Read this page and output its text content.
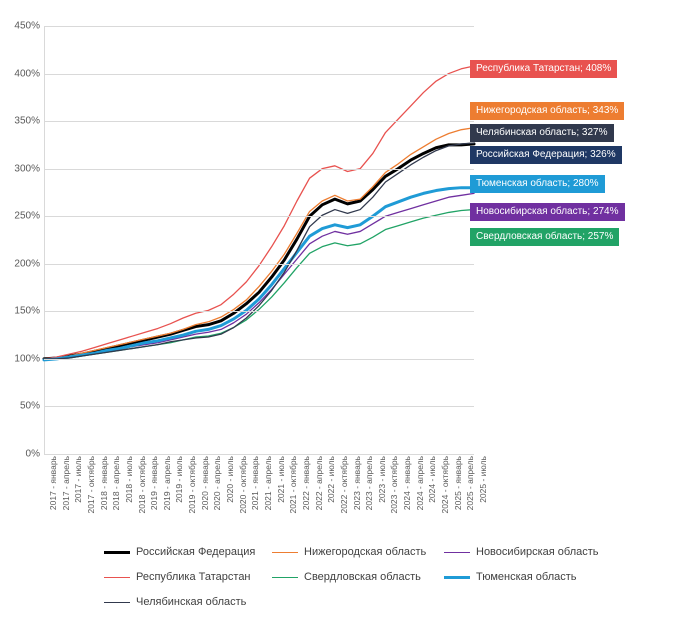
0%
50%
100%
150%
200%
250%
300%
350%
400%
450%
2017 - январь 2017 - апрель 2017 - июль 2017 - октябрь 2018 - январь 2018 - апрель 2018 - июль 2018 - октябрь 2019 - январь 2019 - апрель 2019 - июль 2019 - октябрь 2020 - январь 2020 - апрель 2020 - июль 2020 - октябрь 2021 - январь 2021 - апрель 2021 - июль 2021 - октябрь 2022 - январь 2022 - апрель 2022 - июль 2022 - октябрь 2023 - январь 2023 - апрель 2023 - июль 2023 - октябрь 2024 - январь 2024 - апрель 2024 - июль 2024 - октябрь 2025 - январь 2025 - апрель 2025 - июль
Республика Татарстан; 408%
Нижегородская область; 343%
Челябинская область; 327%
Российская Федерация; 326%
Тюменская область; 280%
Новосибирская область; 274%
Свердловская область; 257%
Российская Федерация	Нижегородская область	Новосибирская область
Республика Татарстан	Свердловская область	Тюменская область
Челябинская область
